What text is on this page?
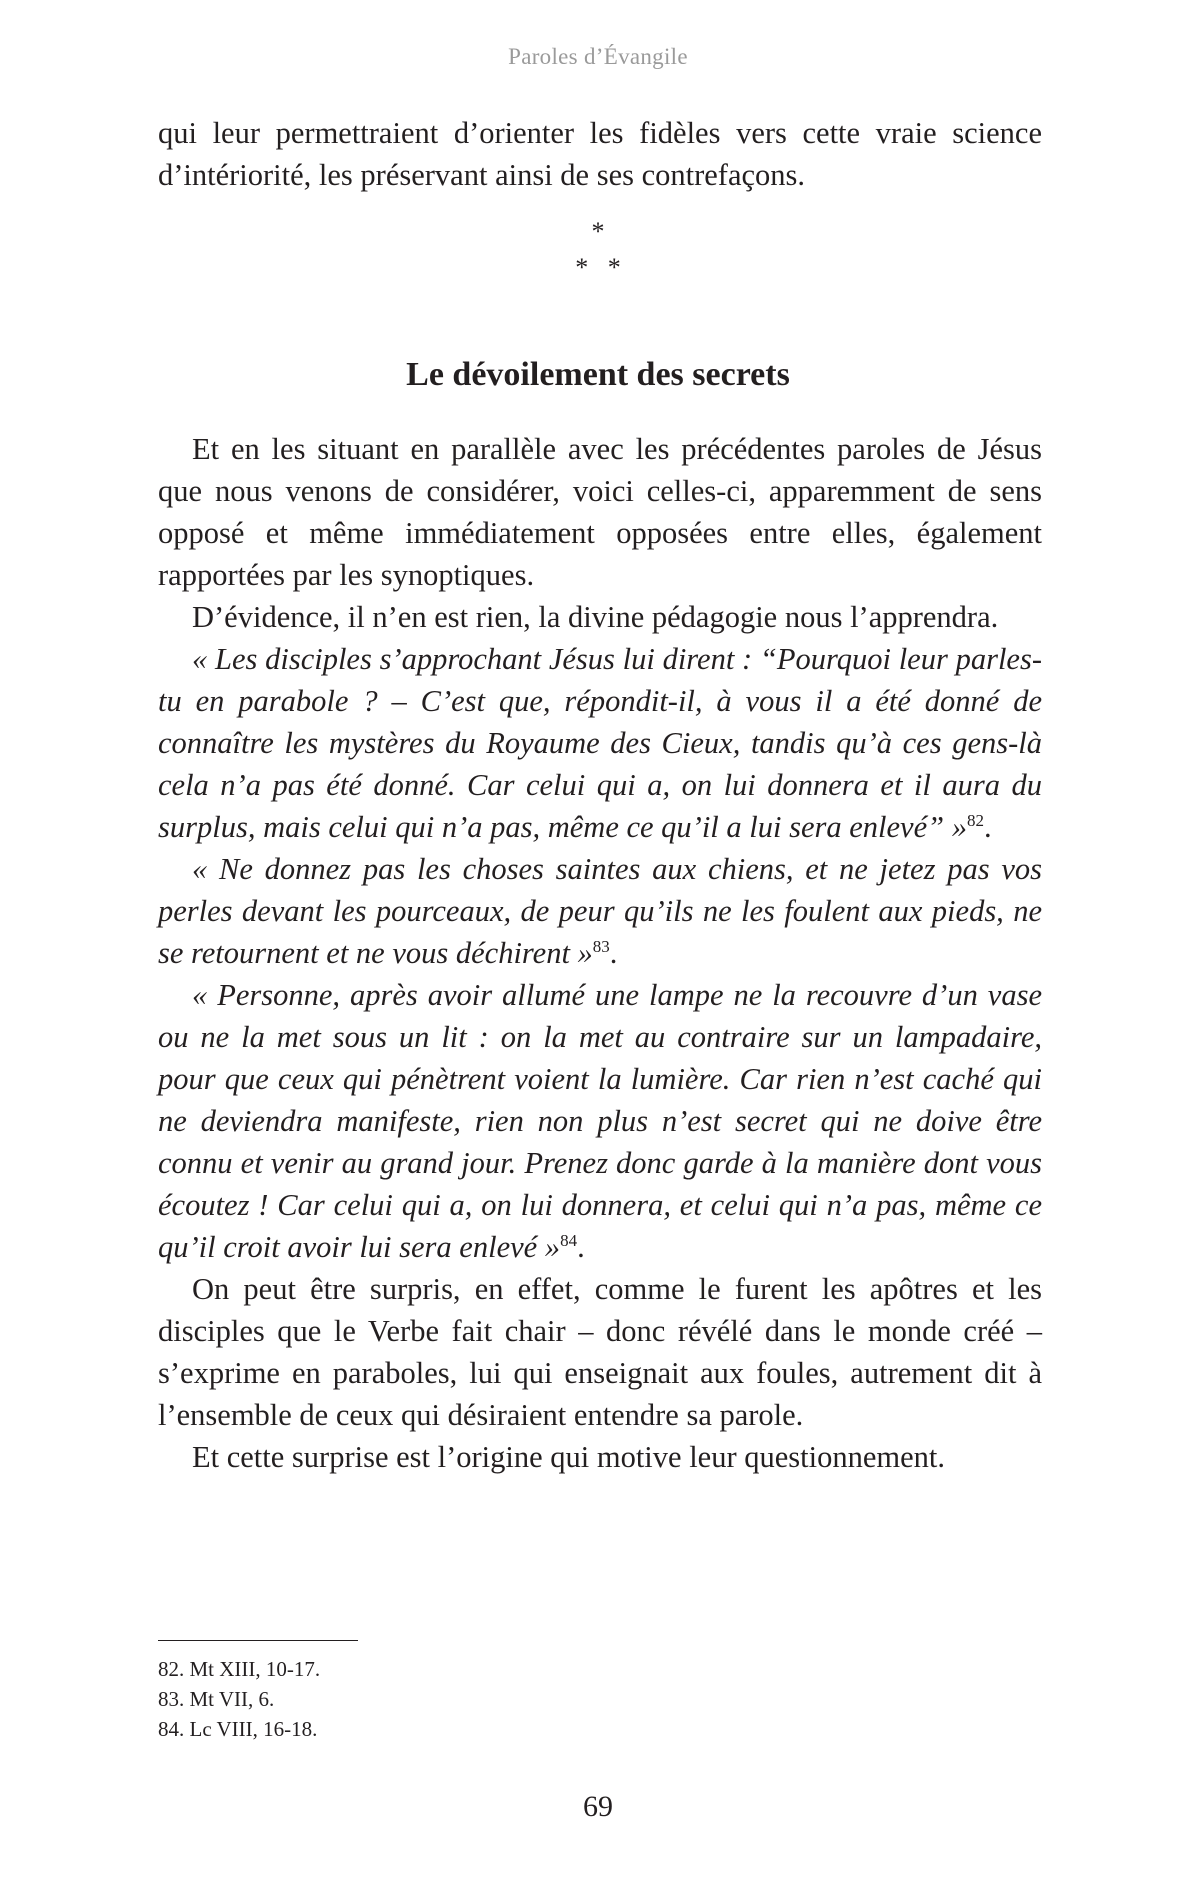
Paroles d’Évangile

qui leur permettraient d’orienter les fidèles vers cette vraie science d’intériorité, les préservant ainsi de ses contrefaçons.

*
*   *
Le dévoilement des secrets

Et en les situant en parallèle avec les précédentes paroles de Jésus que nous venons de considérer, voici celles-ci, apparemment de sens opposé et même immédiatement opposées entre elles, également rapportées par les synoptiques.

D’évidence, il n’en est rien, la divine pédagogie nous l’apprendra.

« Les disciples s’approchant Jésus lui dirent : “Pourquoi leur parles-tu en parabole ? – C’est que, répondit-il, à vous il a été donné de connaître les mystères du Royaume des Cieux, tandis qu’à ces gens-là cela n’a pas été donné. Car celui qui a, on lui donnera et il aura du surplus, mais celui qui n’a pas, même ce qu’il a lui sera enlevé” »$^{82}$.

« Ne donnez pas les choses saintes aux chiens, et ne jetez pas vos perles devant les pourceaux, de peur qu’ils ne les foulent aux pieds, ne se retournent et ne vous déchirent »$^{83}$.

« Personne, après avoir allumé une lampe ne la recouvre d’un vase ou ne la met sous un lit : on la met au contraire sur un lampadaire, pour que ceux qui pénètrent voient la lumière. Car rien n’est caché qui ne deviendra manifeste, rien non plus n’est secret qui ne doive être connu et venir au grand jour. Prenez donc garde à la manière dont vous écoutez ! Car celui qui a, on lui donnera, et celui qui n’a pas, même ce qu’il croit avoir lui sera enlevé »$^{84}$.

On peut être surpris, en effet, comme le furent les apôtres et les disciples que le Verbe fait chair – donc révélé dans le monde créé – s’exprime en paraboles, lui qui enseignait aux foules, autrement dit à l’ensemble de ceux qui désiraient entendre sa parole.

Et cette surprise est l’origine qui motive leur questionnement.

82. Mt XIII, 10-17.
83. Mt VII, 6.
84. Lc VIII, 16-18.
69
